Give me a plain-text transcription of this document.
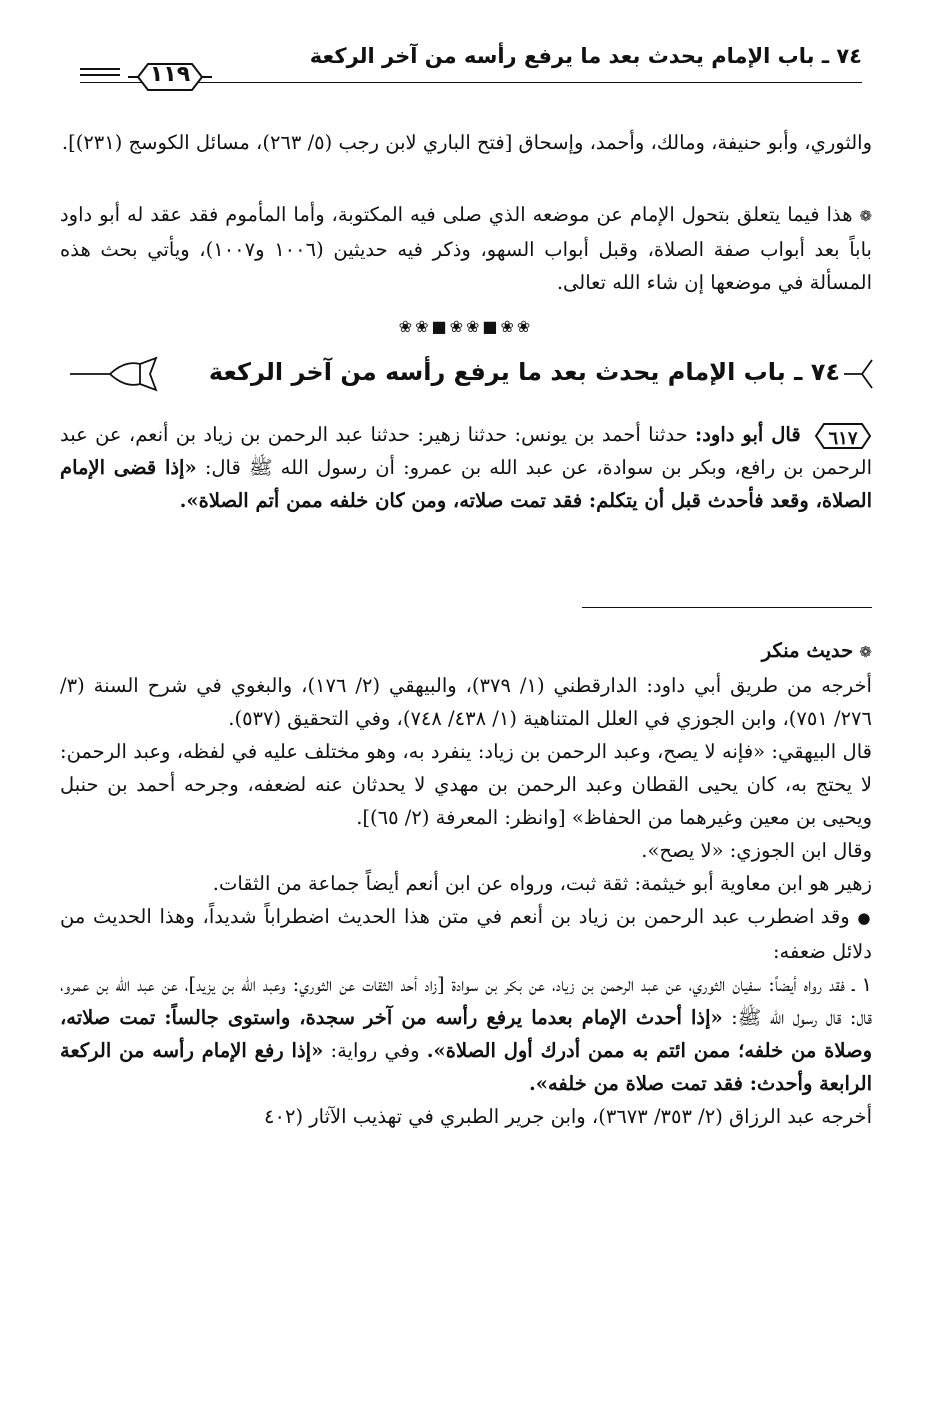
٧٤ ـ باب الإمام يحدث بعد ما يرفع رأسه من آخر الركعة
١١٩

والثوري، وأبو حنيفة، ومالك، وأحمد، وإسحاق [فتح الباري لابن رجب (٥/ ٢٦٣)، مسائل الكوسج (٢٣١)].

❁ هذا فيما يتعلق بتحول الإمام عن موضعه الذي صلى فيه المكتوبة، وأما المأموم فقد عقد له أبو داود باباً بعد أبواب صفة الصلاة، وقبل أبواب السهو، وذكر فيه حديثين (١٠٠٦ و١٠٠٧)، ويأتي بحث هذه المسألة في موضعها إن شاء الله تعالى.

❀❀■❀❀■❀❀
٧٤ ـ باب الإمام يحدث بعد ما يرفع رأسه من آخر الركعة

٦١٧
قال أبو داود: حدثنا أحمد بن يونس: حدثنا زهير: حدثنا عبد الرحمن بن زياد بن أنعم، عن عبد الرحمن بن رافع، وبكر بن سوادة، عن عبد الله بن عمرو: أن رسول الله ﷺ قال: «إذا قضى الإمام الصلاة، وقعد فأحدث قبل أن يتكلم: فقد تمت صلاته، ومن كان خلفه ممن أتم الصلاة».

❁ حديث منكر

أخرجه من طريق أبي داود: الدارقطني (١/ ٣٧٩)، والبيهقي (٢/ ١٧٦)، والبغوي في شرح السنة (٣/ ٢٧٦/ ٧٥١)، وابن الجوزي في العلل المتناهية (١/ ٤٣٨/ ٧٤٨)، وفي التحقيق (٥٣٧).

قال البيهقي: «فإنه لا يصح، وعبد الرحمن بن زياد: ينفرد به، وهو مختلف عليه في لفظه، وعبد الرحمن: لا يحتج به، كان يحيى القطان وعبد الرحمن بن مهدي لا يحدثان عنه لضعفه، وجرحه أحمد بن حنبل ويحيى بن معين وغيرهما من الحفاظ» [وانظر: المعرفة (٢/ ٦٥)].

وقال ابن الجوزي: «لا يصح».

زهير هو ابن معاوية أبو خيثمة: ثقة ثبت، ورواه عن ابن أنعم أيضاً جماعة من الثقات.

● وقد اضطرب عبد الرحمن بن زياد بن أنعم في متن هذا الحديث اضطراباً شديداً، وهذا الحديث من دلائل ضعفه:

١ ـ فقد رواه أيضاً: سفيان الثوري، عن عبد الرحمن بن زياد، عن بكر بن سوادة [زاد أحد الثقات عن الثوري: وعبد الله بن يزيد]، عن عبد الله بن عمرو، قال: قال رسول الله ﷺ: «إذا أحدث الإمام بعدما يرفع رأسه من آخر سجدة، واستوى جالساً: تمت صلاته، وصلاة من خلفه؛ ممن ائتم به ممن أدرك أول الصلاة». وفي رواية: «إذا رفع الإمام رأسه من الركعة الرابعة وأحدث: فقد تمت صلاة من خلفه».

أخرجه عبد الرزاق (٢/ ٣٥٣/ ٣٦٧٣)، وابن جرير الطبري في تهذيب الآثار (٤٠٢
